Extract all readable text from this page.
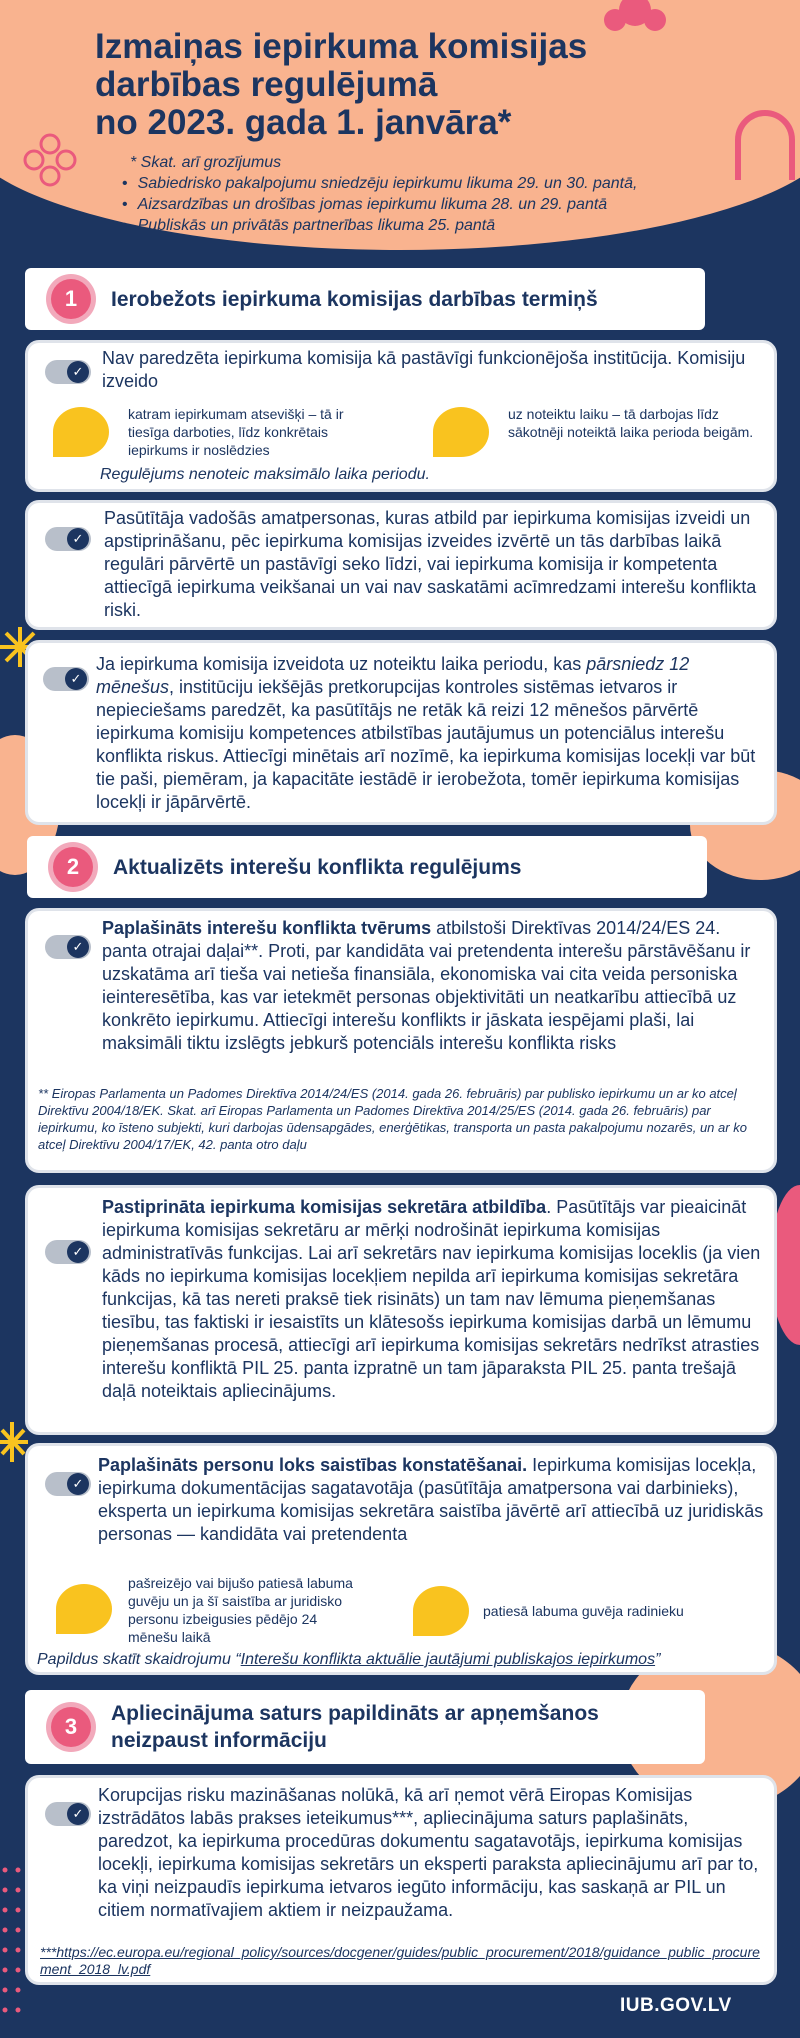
Izmaiņas iepirkuma komisijas
darbības regulējumā
no 2023. gada 1. janvāra*
* Skat. arī grozījumus
• Sabiedrisko pakalpojumu sniedzēju iepirkumu likuma 29. un 30. pantā,
• Aizsardzības un drošības jomas iepirkumu likuma 28. un 29. pantā
• Publiskās un privātās partnerības likuma 25. pantā
1	Ierobežots iepirkuma komisijas darbības termiņš
✓
Nav paredzēta iepirkuma komisija kā pastāvīgi funkcionējoša institūcija. Komisiju izveido
katram iepirkumam atsevišķi – tā ir tiesīga darboties, līdz konkrētais iepirkums ir noslēdzies
uz noteiktu laiku – tā darbojas līdz sākotnēji noteiktā laika perioda beigām.
Regulējums nenoteic maksimālo laika periodu.
✓
Pasūtītāja vadošās amatpersonas, kuras atbild par iepirkuma komisijas izveidi un apstiprināšanu, pēc iepirkuma komisijas izveides izvērtē un tās darbības laikā regulāri pārvērtē un pastāvīgi seko līdzi, vai iepirkuma komisija ir kompetenta attiecīgā iepirkuma veikšanai un vai nav saskatāmi acīmredzami interešu konflikta riski.
✓
Ja iepirkuma komisija izveidota uz noteiktu laika periodu, kas pārsniedz 12 mēnešus, institūciju iekšējās pretkorupcijas kontroles sistēmas ietvaros ir nepieciešams paredzēt, ka pasūtītājs ne retāk kā reizi 12 mēnešos pārvērtē iepirkuma komisiju kompetences atbilstības jautājumus un potenciālus interešu konflikta riskus. Attiecīgi minētais arī nozīmē, ka iepirkuma komisijas locekļi var būt tie paši, piemēram, ja kapacitāte iestādē ir ierobežota, tomēr iepirkuma komisijas locekļi ir jāpārvērtē.
2	Aktualizēts interešu konflikta regulējums
✓
Paplašināts interešu konflikta tvērums atbilstoši Direktīvas 2014/24/ES 24. panta otrajai daļai**. Proti, par kandidāta vai pretendenta interešu pārstāvēšanu ir uzskatāma arī tieša vai netieša finansiāla, ekonomiska vai cita veida personiska ieinteresētība, kas var ietekmēt personas objektivitāti un neatkarību attiecībā uz konkrēto iepirkumu. Attiecīgi interešu konflikts ir jāskata iespējami plaši, lai maksimāli tiktu izslēgts jebkurš potenciāls interešu konflikta risks
** Eiropas Parlamenta un Padomes Direktīva 2014/24/ES (2014. gada 26. februāris) par publisko iepirkumu un ar ko atceļ Direktīvu 2004/18/EK. Skat. arī Eiropas Parlamenta un Padomes Direktīva 2014/25/ES (2014. gada 26. februāris) par iepirkumu, ko īsteno subjekti, kuri darbojas ūdensapgādes, enerģētikas, transporta un pasta pakalpojumu nozarēs, un ar ko atceļ Direktīvu 2004/17/EK, 42. panta otro daļu
✓
Pastiprināta iepirkuma komisijas sekretāra atbildība. Pasūtītājs var pieaicināt iepirkuma komisijas sekretāru ar mērķi nodrošināt iepirkuma komisijas administratīvās funkcijas. Lai arī sekretārs nav iepirkuma komisijas loceklis (ja vien kāds no iepirkuma komisijas locekļiem nepilda arī iepirkuma komisijas sekretāra funkcijas, kā tas nereti praksē tiek risināts) un tam nav lēmuma pieņemšanas tiesību, tas faktiski ir iesaistīts un klātesošs iepirkuma komisijas darbā un lēmumu pieņemšanas procesā, attiecīgi arī iepirkuma komisijas sekretārs nedrīkst atrasties interešu konfliktā PIL 25. panta izpratnē un tam jāparaksta PIL 25. panta trešajā daļā noteiktais apliecinājums.
✓
Paplašināts personu loks saistības konstatēšanai. Iepirkuma komisijas locekļa, iepirkuma dokumentācijas sagatavotāja (pasūtītāja amatpersona vai darbinieks), eksperta un iepirkuma komisijas sekretāra saistība jāvērtē arī attiecībā uz juridiskās personas — kandidāta vai pretendenta
pašreizējo vai bijušo patiesā labuma guvēju un ja šī saistība ar juridisko personu izbeigusies pēdējo 24 mēnešu laikā
patiesā labuma guvēja radinieku
Papildus skatīt skaidrojumu “Interešu konflikta aktuālie jautājumi publiskajos iepirkumos”
3
Apliecinājuma saturs papildināts ar apņemšanos neizpaust informāciju
✓
Korupcijas risku mazināšanas nolūkā, kā arī ņemot vērā Eiropas Komisijas izstrādātos labās prakses ieteikumus***, apliecinājuma saturs paplašināts, paredzot, ka iepirkuma procedūras dokumentu sagatavotājs, iepirkuma komisijas locekļi, iepirkuma komisijas sekretārs un eksperti paraksta apliecinājumu arī par to, ka viņi neizpaudīs iepirkuma ietvaros iegūto informāciju, kas saskaņā ar PIL un citiem normatīvajiem aktiem ir neizpaužama.
***https://ec.europa.eu/regional_policy/sources/docgener/guides/public_procurement/2018/guidance_public_procurement_2018_lv.pdf
IUB.GOV.LV
